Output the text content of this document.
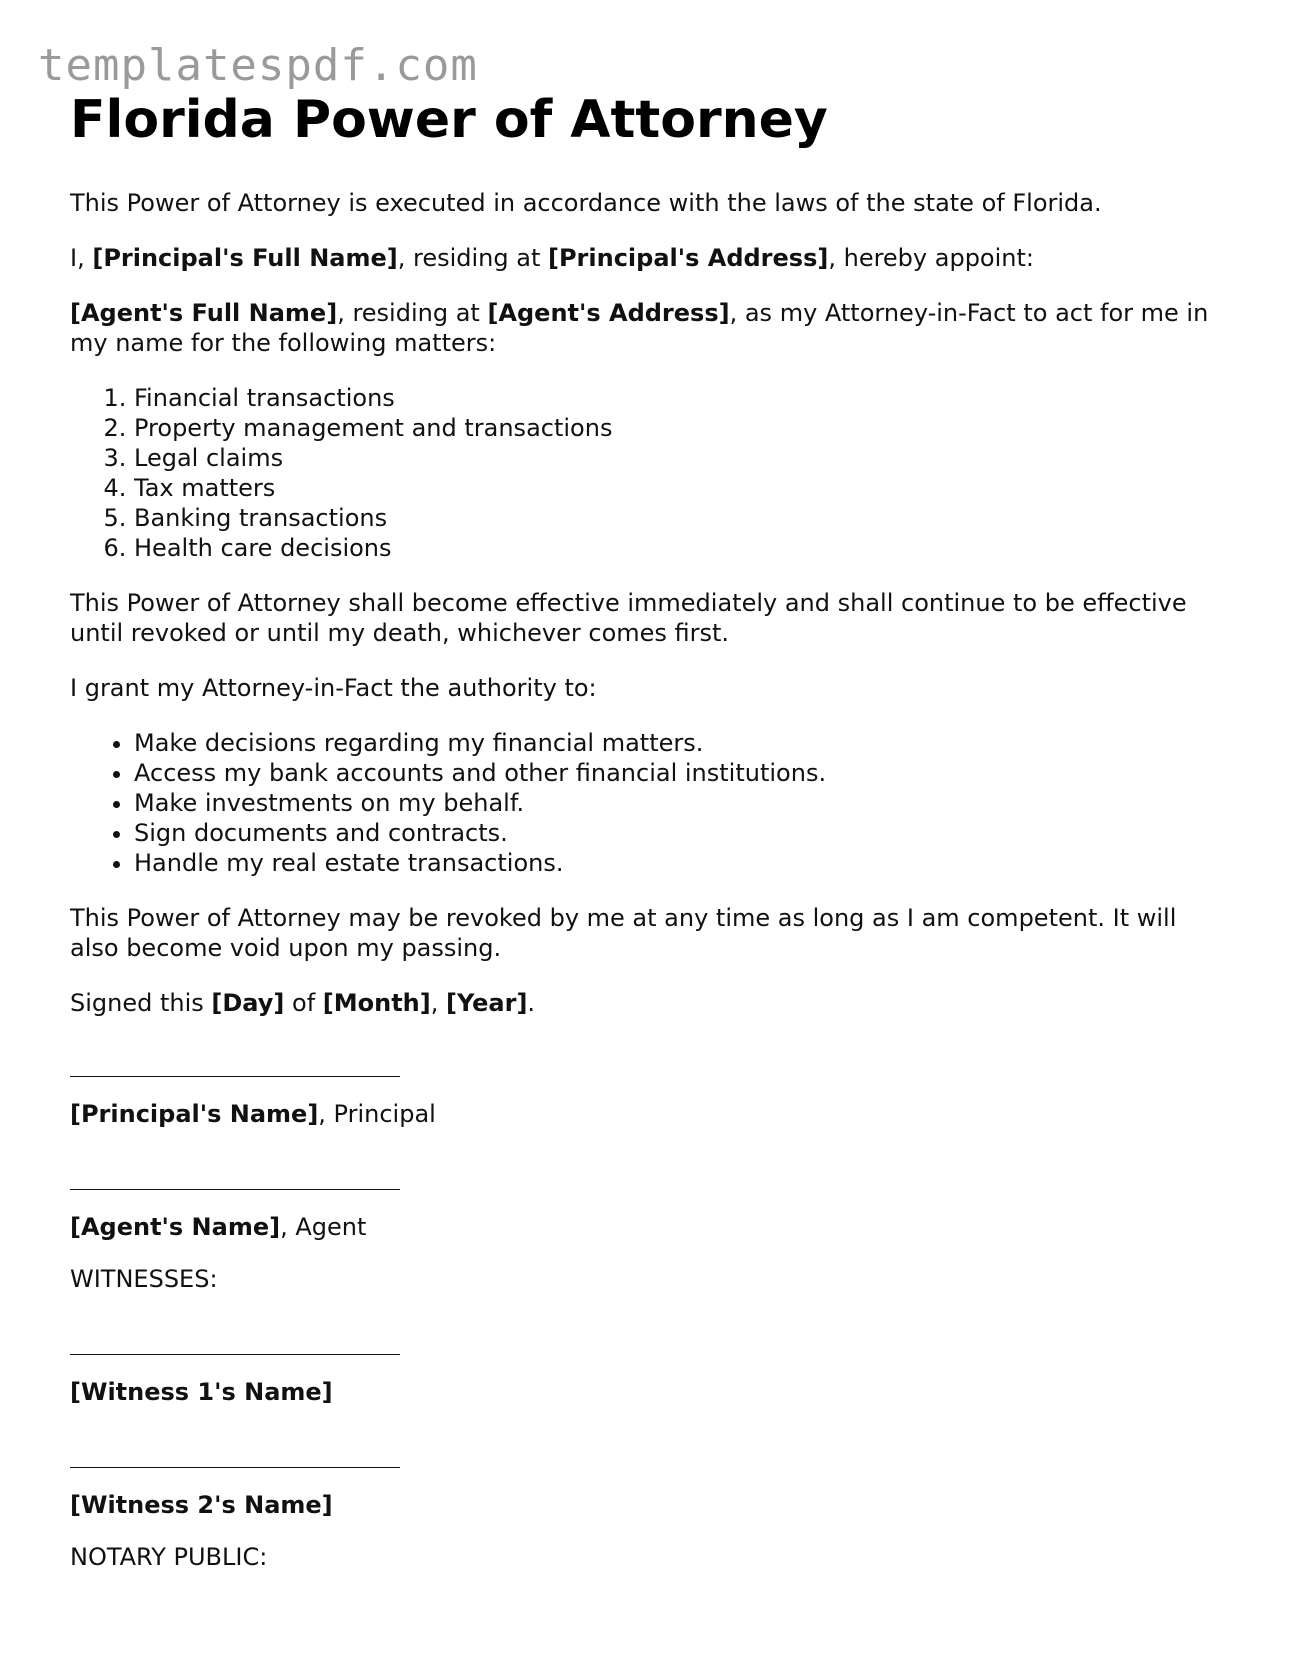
templatespdf.com
Florida Power of Attorney

This Power of Attorney is executed in accordance with the laws of the state of Florida.

I, [Principal's Full Name], residing at [Principal's Address], hereby appoint:

[Agent's Full Name], residing at [Agent's Address], as my Attorney-in-Fact to act for me in my name for the following matters:

1. Financial transactions
2. Property management and transactions
3. Legal claims
4. Tax matters
5. Banking transactions
6. Health care decisions

This Power of Attorney shall become effective immediately and shall continue to be effective until revoked or until my death, whichever comes first.

I grant my Attorney-in-Fact the authority to:

• Make decisions regarding my financial matters.
• Access my bank accounts and other financial institutions.
• Make investments on my behalf.
• Sign documents and contracts.
• Handle my real estate transactions.

This Power of Attorney may be revoked by me at any time as long as I am competent. It will also become void upon my passing.

Signed this [Day] of [Month], [Year].

[Principal's Name], Principal

[Agent's Name], Agent

WITNESSES:

[Witness 1's Name]

[Witness 2's Name]

NOTARY PUBLIC:
